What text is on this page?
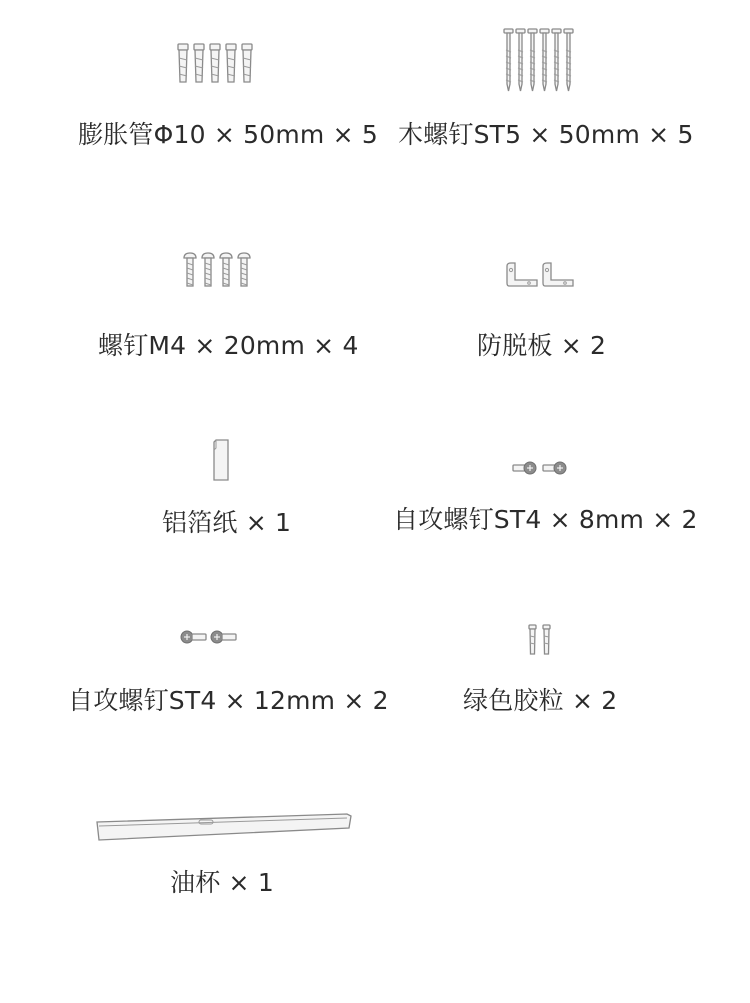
膨胀管Φ10 × 50mm × 5 木螺钉ST5 × 50mm × 5
螺钉M4 × 20mm × 4	防脱板 × 2
铝箔纸 × 1	自攻螺钉ST4 × 8mm × 2
自攻螺钉ST4 × 12mm × 2	绿色胶粒 × 2
油杯 × 1
